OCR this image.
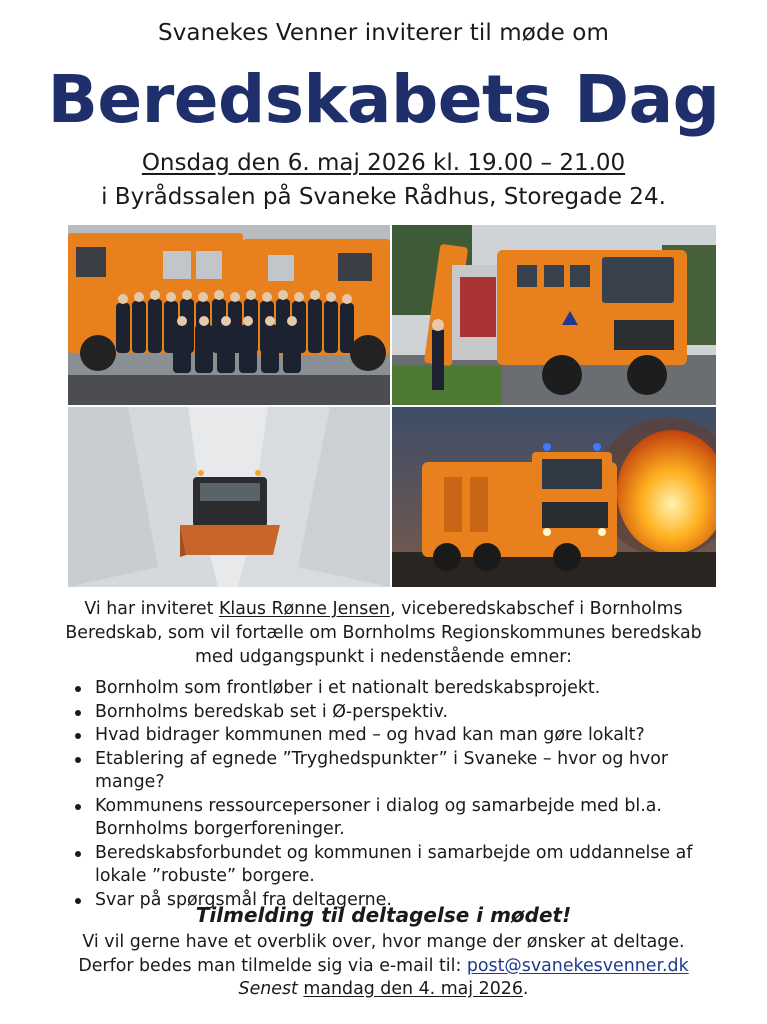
Svanekes Venner inviterer til møde om
Beredskabets Dag
Onsdag den 6. maj 2026 kl. 19.00 – 21.00
i Byrådssalen på Svaneke Rådhus, Storegade 24.
Vi har inviteret Klaus Rønne Jensen, viceberedskabschef i Bornholms Beredskab, som vil fortælle om Bornholms Regionskommunes beredskab med udgangspunkt i nedenstående emner:
Bornholm som frontløber i et nationalt beredskabsprojekt.
Bornholms beredskab set i Ø-perspektiv.
Hvad bidrager kommunen med – og hvad kan man gøre lokalt?
Etablering af egnede ”Tryghedspunkter” i Svaneke – hvor og hvor mange?
Kommunens ressourcepersoner i dialog og samarbejde med bl.a. Bornholms borgerforeninger.
Beredskabsforbundet og kommunen i samarbejde om uddannelse af lokale ”robuste” borgere.
Svar på spørgsmål fra deltagerne.
Tilmelding til deltagelse i mødet!
Vi vil gerne have et overblik over, hvor mange der ønsker at deltage.
Derfor bedes man tilmelde sig via e-mail til: post@svanekesvenner.dk
Senest mandag den 4. maj 2026.
